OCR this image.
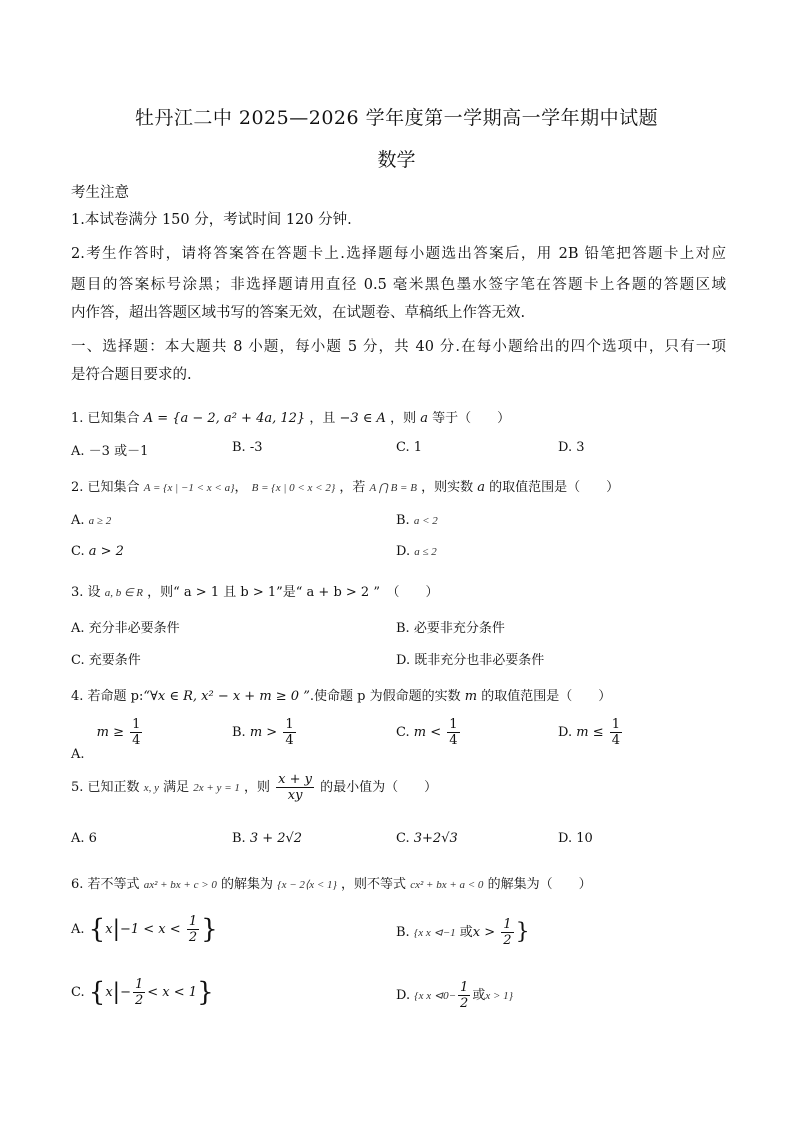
牡丹江二中 2025—2026 学年度第一学期高一学年期中试题
数学
考生注意
1.本试卷满分 150 分，考试时间 120 分钟.
2.考生作答时，请将答案答在答题卡上.选择题每小题选出答案后，用 2B 铅笔把答题卡上对应
题目的答案标号涂黑；非选择题请用直径 0.5 毫米黑色墨水签字笔在答题卡上各题的答题区域
内作答，超出答题区域书写的答案无效，在试题卷、草稿纸上作答无效.
一、选择题：本大题共 8 小题，每小题 5 分，共 40 分.在每小题给出的四个选项中，只有一项
是符合题目要求的.
1. 已知集合 A = {a − 2, a² + 4a, 12} ，且 −3 ∈ A ，则 a 等于（　　）
A. －3 或－1	B. -3	C. 1	D. 3
2. 已知集合 A = {x | −1 < x < a}， B = {x | 0 < x < 2} ，若 A ⋂ B = B ，则实数 a 的取值范围是（　　）
A. a ≥ 2	B. a < 2
C. a > 2	D. a ≤ 2
3. 设 a, b ∈ R ，则“ a > 1 且 b > 1”是“ a + b > 2 ”　（　　）
A. 充分非必要条件	B. 必要非充分条件
C. 充要条件	D. 既非充分也非必要条件
4. 若命题 p:“∀x ∈ R, x² − x + m ≥ 0 ”.使命题 p 为假命题的实数 m 的取值范围是（　　）
A. $m \ge \frac{1}{4}$	B. $m > \frac{1}{4}$	C. $m < \frac{1}{4}$	D. $m \le \frac{1}{4}$
5. 已知正数 x, y 满足 2x + y = 1 ，则 $\frac{x + y}{xy}$ 的最小值为（　　）
A. 6	B. 3 + 2√2	C. 3+2√3	D. 10
6. 若不等式 ax² + bx + c > 0 的解集为 {x − 2⟨x < 1} ，则不等式 cx² + bx + a < 0 的解集为（　　）
A. {$x|-1 < x < \frac{1}{2}$ }	B. {x x ⊲−1 或$x > \frac{1}{2}$ }
C. $\{x|- \frac{1}{2} < x < 1\}$	D. {x x ⊲0− $\frac{1}{2}$ 或x > 1}
